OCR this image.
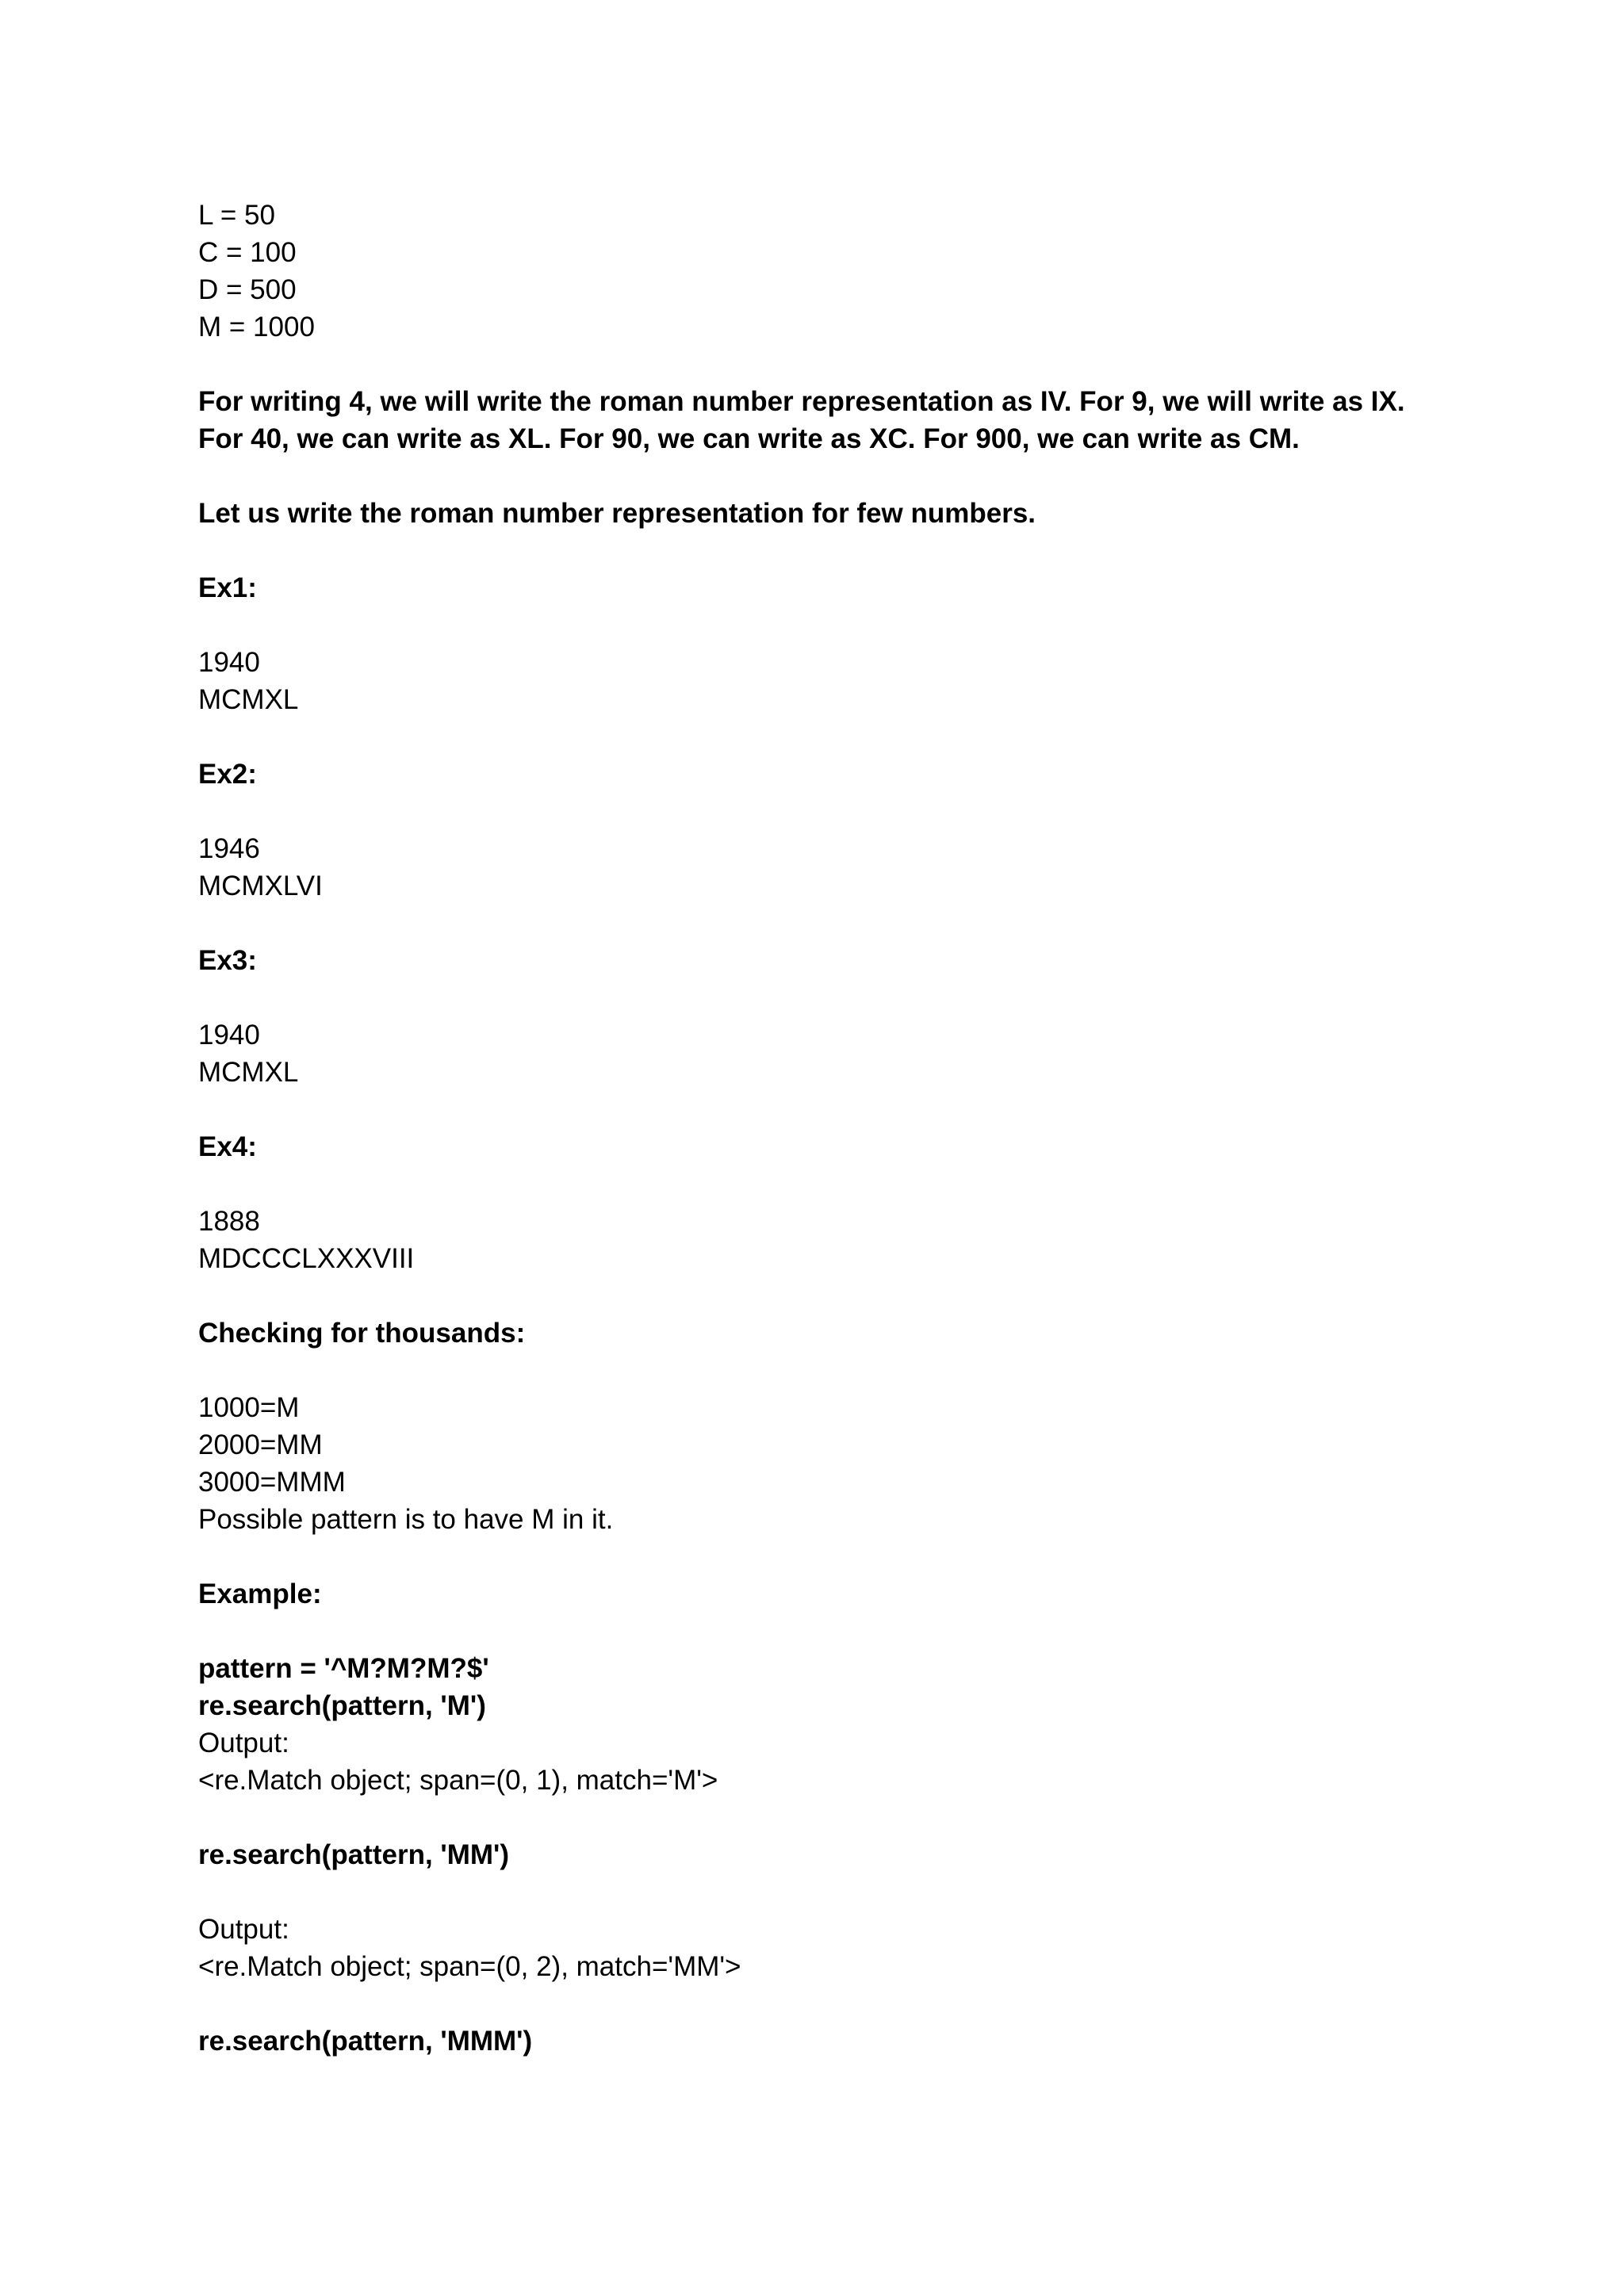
L = 50
C = 100
D = 500
M = 1000
For writing 4, we will write the roman number representation as IV. For 9, we will write as IX. For 40, we can write as XL. For 90, we can write as XC. For 900, we can write as CM.
Let us write the roman number representation for few numbers.
Ex1:
1940
MCMXL
Ex2:
1946
MCMXLVI
Ex3:
1940
MCMXL
Ex4:
1888
MDCCCLXXXVIII
Checking for thousands:
1000=M
2000=MM
3000=MMM
Possible pattern is to have M in it.
Example:
pattern = '^M?M?M?$'
re.search(pattern, 'M')
Output:
<re.Match object; span=(0, 1), match='M'>
re.search(pattern, 'MM')
Output:
<re.Match object; span=(0, 2), match='MM'>
re.search(pattern, 'MMM')
